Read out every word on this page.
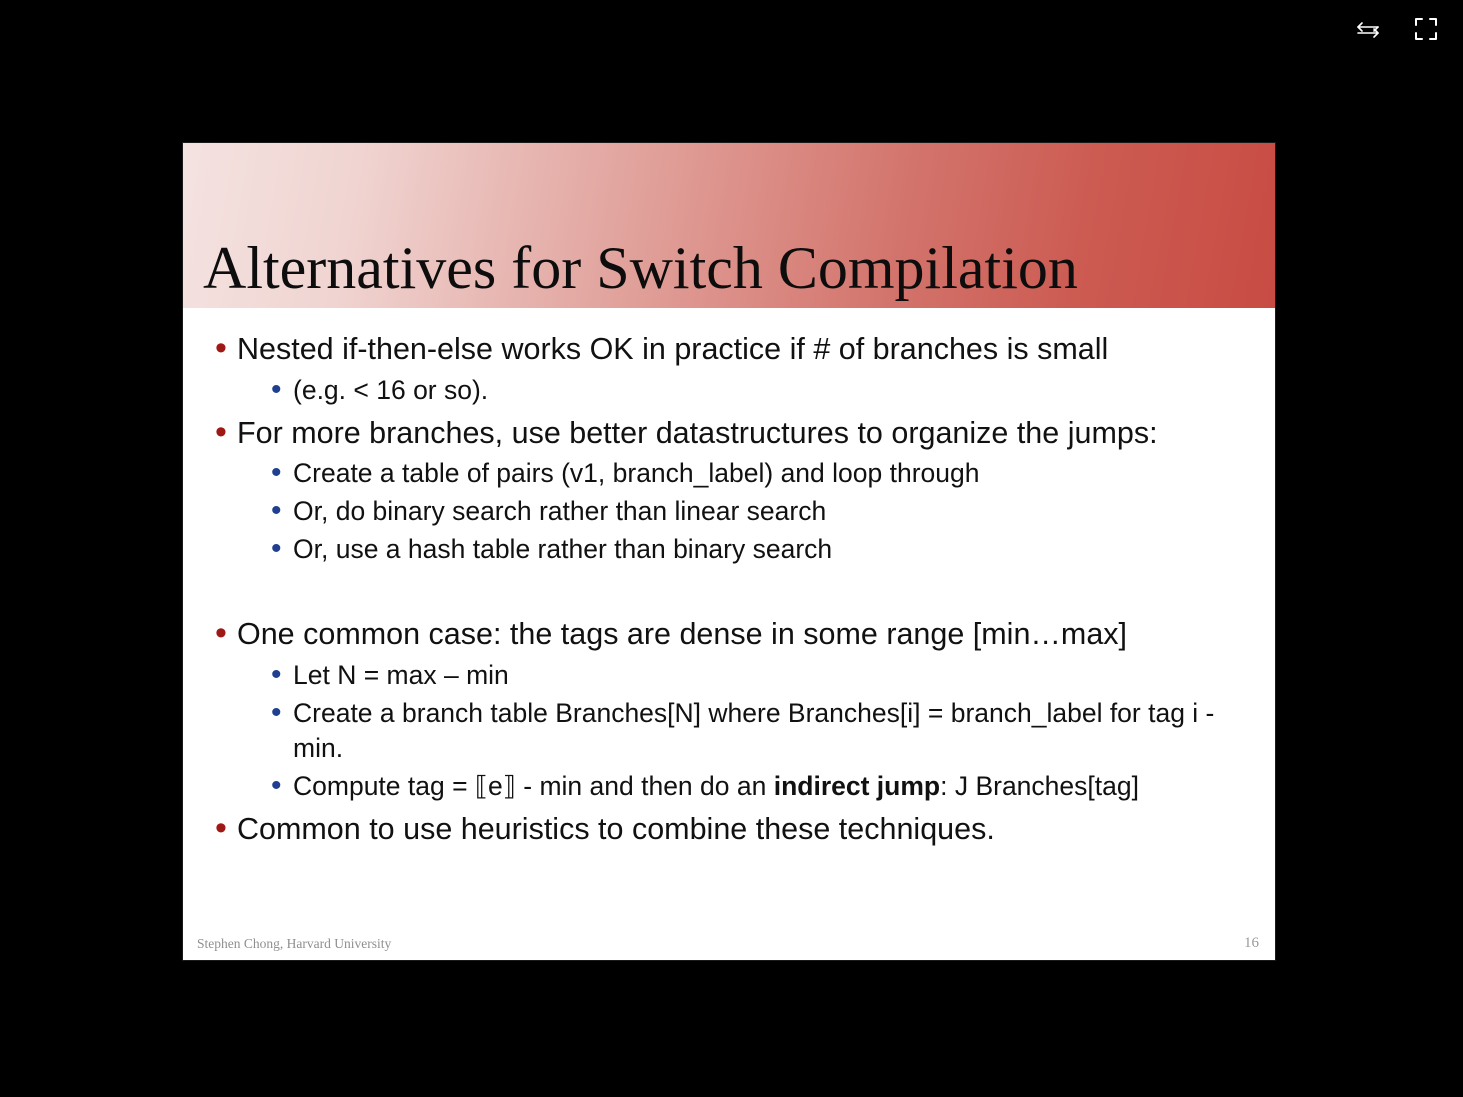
Alternatives for Switch Compilation
• Nested if-then-else works OK in practice if # of branches is small
• (e.g. < 16 or so).
• For more branches, use better datastructures to organize the jumps:
• Create a table of pairs (v1, branch_label) and loop through
• Or, do binary search rather than linear search
• Or, use a hash table rather than binary search
• One common case: the tags are dense in some range [min…max]
• Let N = max – min
• Create a branch table Branches[N] where Branches[i] = branch_label for tag i - min.
• Compute tag = ⟦e⟧ - min and then do an indirect jump: J Branches[tag]
• Common to use heuristics to combine these techniques.
Stephen Chong, Harvard University	16
